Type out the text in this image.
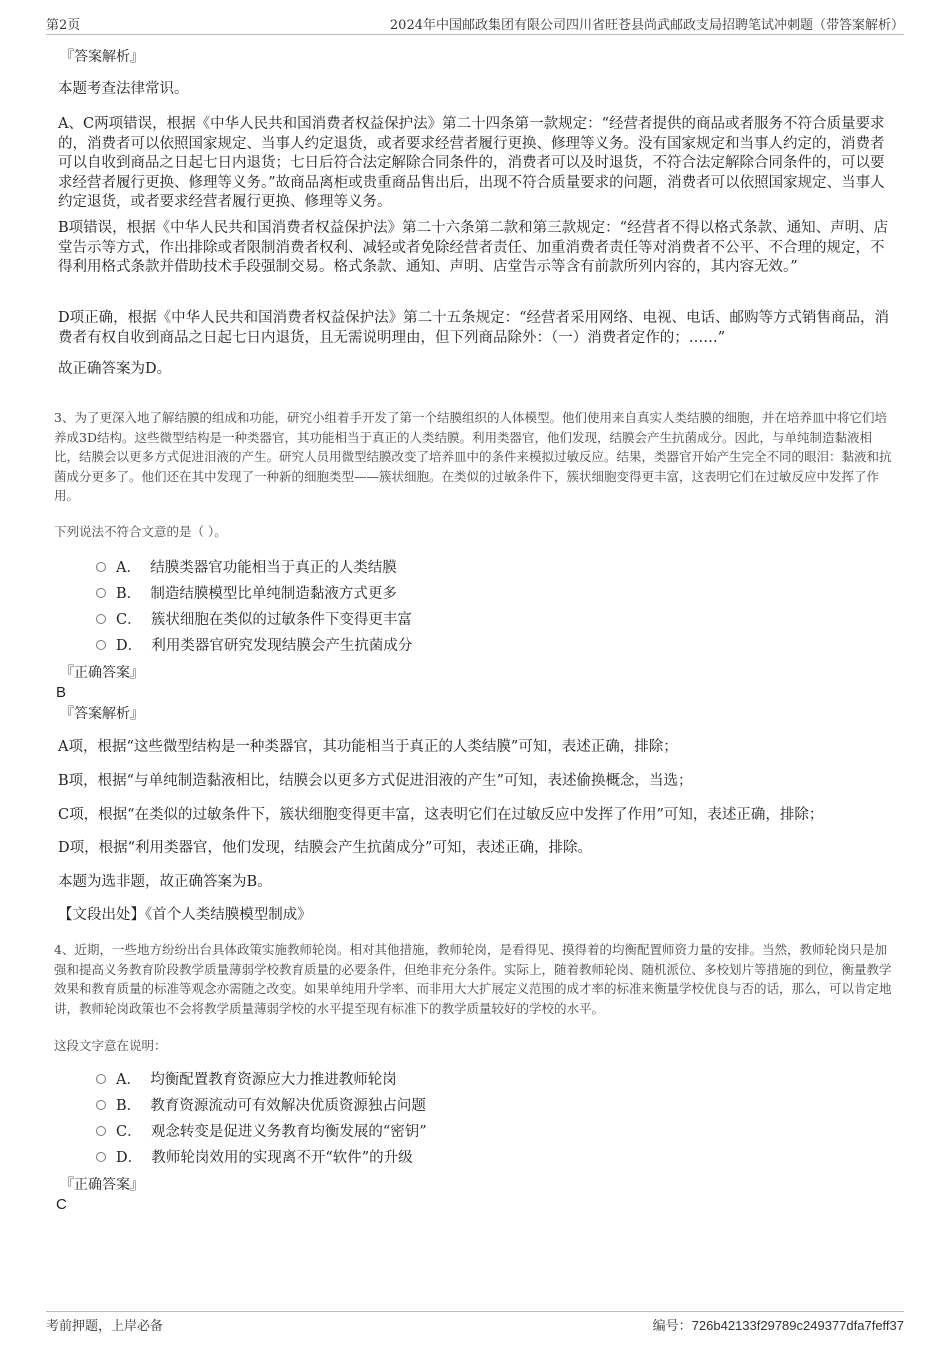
第2页	2024年中国邮政集团有限公司四川省旺苍县尚武邮政支局招聘笔试冲刺题（带答案解析）
『答案解析』
本题考查法律常识。
A、C两项错误，根据《中华人民共和国消费者权益保护法》第二十四条第一款规定：“经营者提供的商品或者服务不符合质量要求的，消费者可以依照国家规定、当事人约定退货，或者要求经营者履行更换、修理等义务。没有国家规定和当事人约定的，消费者可以自收到商品之日起七日内退货；七日后符合法定解除合同条件的，消费者可以及时退货，不符合法定解除合同条件的，可以要求经营者履行更换、修理等义务。”故商品离柜或贵重商品售出后，出现不符合质量要求的问题，消费者可以依照国家规定、当事人约定退货，或者要求经营者履行更换、修理等义务。
B项错误，根据《中华人民共和国消费者权益保护法》第二十六条第二款和第三款规定：“经营者不得以格式条款、通知、声明、店堂告示等方式，作出排除或者限制消费者权利、减轻或者免除经营者责任、加重消费者责任等对消费者不公平、不合理的规定，不得利用格式条款并借助技术手段强制交易。格式条款、通知、声明、店堂告示等含有前款所列内容的，其内容无效。”
D项正确，根据《中华人民共和国消费者权益保护法》第二十五条规定：“经营者采用网络、电视、电话、邮购等方式销售商品，消费者有权自收到商品之日起七日内退货，且无需说明理由，但下列商品除外：（一）消费者定作的；……”
故正确答案为D。
3、为了更深入地了解结膜的组成和功能，研究小组着手开发了第一个结膜组织的人体模型。他们使用来自真实人类结膜的细胞，并在培养皿中将它们培养成3D结构。这些微型结构是一种类器官，其功能相当于真正的人类结膜。利用类器官，他们发现，结膜会产生抗菌成分。因此，与单纯制造黏液相比，结膜会以更多方式促进泪液的产生。研究人员用微型结膜改变了培养皿中的条件来模拟过敏反应。结果，类器官开始产生完全不同的眼泪：黏液和抗菌成分更多了。他们还在其中发现了一种新的细胞类型——簇状细胞。在类似的过敏条件下，簇状细胞变得更丰富，这表明它们在过敏反应中发挥了作用。
下列说法不符合文意的是（ ）。
A． 结膜类器官功能相当于真正的人类结膜
B． 制造结膜模型比单纯制造黏液方式更多
C． 簇状细胞在类似的过敏条件下变得更丰富
D． 利用类器官研究发现结膜会产生抗菌成分
『正确答案』
B
『答案解析』
A项，根据“这些微型结构是一种类器官，其功能相当于真正的人类结膜”可知，表述正确，排除；
B项，根据“与单纯制造黏液相比，结膜会以更多方式促进泪液的产生”可知，表述偷换概念，当选；
C项，根据“在类似的过敏条件下，簇状细胞变得更丰富，这表明它们在过敏反应中发挥了作用”可知，表述正确，排除；
D项，根据“利用类器官，他们发现，结膜会产生抗菌成分”可知，表述正确，排除。
本题为选非题，故正确答案为B。
【文段出处】《首个人类结膜模型制成》
4、近期，一些地方纷纷出台具体政策实施教师轮岗。相对其他措施，教师轮岗，是看得见、摸得着的均衡配置师资力量的安排。当然，教师轮岗只是加强和提高义务教育阶段教学质量薄弱学校教育质量的必要条件，但绝非充分条件。实际上，随着教师轮岗、随机派位、多校划片等措施的到位，衡量教学效果和教育质量的标准等观念亦需随之改变。如果单纯用升学率、而非用大大扩展定义范围的成才率的标准来衡量学校优良与否的话，那么，可以肯定地讲，教师轮岗政策也不会将教学质量薄弱学校的水平提至现有标准下的教学质量较好的学校的水平。
这段文字意在说明：
A． 均衡配置教育资源应大力推进教师轮岗
B． 教育资源流动可有效解决优质资源独占问题
C． 观念转变是促进义务教育均衡发展的“密钥”
D． 教师轮岗效用的实现离不开“软件”的升级
『正确答案』
C
考前押题，上岸必备	编号：726b42133f29789c249377dfa7feff37
